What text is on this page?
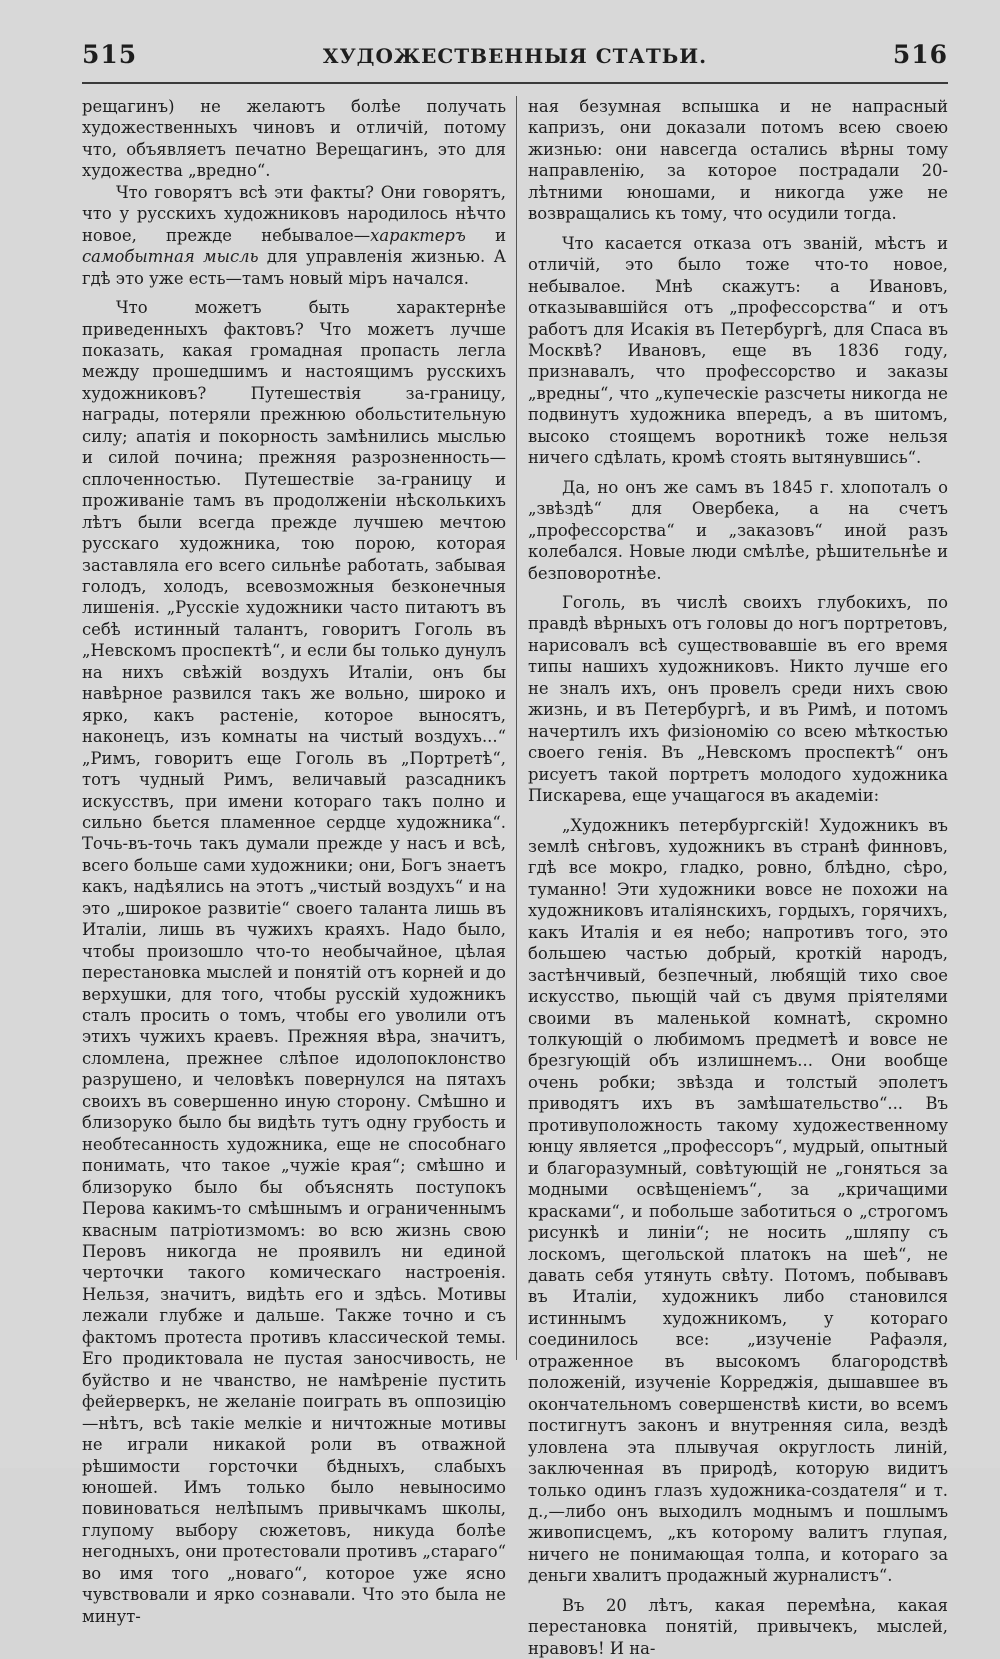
515	ХУДОЖЕСТВЕННЫЯ СТАТЬИ.	516

рещагинъ) не желаютъ болѣе получать художественныхъ чиновъ и отличій, потому что, объявляетъ печатно Верещагинъ, это для художества „вредно“.

Что говорятъ всѣ эти факты? Они говорятъ, что у русскихъ художниковъ народилось нѣчто новое, прежде небывалое—характеръ и самобытная мысль для управленія жизнью. А гдѣ это уже есть—тамъ новый міръ начался.

Что можетъ быть характернѣе приведенныхъ фактовъ? Что можетъ лучше показать, какая громадная пропасть легла между прошедшимъ и настоящимъ русскихъ художниковъ? Путешествія за-границу, награды, потеряли прежнюю обольстительную силу; апатія и покорность замѣнились мыслью и силой почина; прежняя разрозненность—сплоченностью. Путешествіе за-границу и проживаніе тамъ въ продолженіи нѣсколькихъ лѣтъ были всегда прежде лучшею мечтою русскаго художника, тою порою, которая заставляла его всего сильнѣе работать, забывая голодъ, холодъ, всевозможныя безконечныя лишенія. „Русскіе художники часто питаютъ въ себѣ истинный талантъ, говоритъ Гоголь въ „Невскомъ проспектѣ“, и если бы только дунулъ на нихъ свѣжій воздухъ Италіи, онъ бы навѣрное развился такъ же вольно, широко и ярко, какъ растеніе, которое выносятъ, наконецъ, изъ комнаты на чистый воздухъ...“ „Римъ, говоритъ еще Гоголь въ „Портретѣ“, тотъ чудный Римъ, величавый разсадникъ искусствъ, при имени котораго такъ полно и сильно бьется пламенное сердце художника“. Точь-въ-точь такъ думали прежде у насъ и всѣ, всего больше сами художники; они, Богъ знаетъ какъ, надѣялись на этотъ „чистый воздухъ“ и на это „широкое развитіе“ своего таланта лишь въ Италіи, лишь въ чужихъ краяхъ. Надо было, чтобы произошло что-то необычайное, цѣлая перестановка мыслей и понятій отъ корней и до верхушки, для того, чтобы русскій художникъ сталъ просить о томъ, чтобы его уволили отъ этихъ чужихъ краевъ. Прежняя вѣра, значитъ, сломлена, прежнее слѣпое идолопоклонство разрушено, и человѣкъ повернулся на пятахъ своихъ въ совершенно иную сторону. Смѣшно и близоруко было бы видѣть тутъ одну грубость и необтесанность художника, еще не способнаго понимать, что такое „чужіе края“; смѣшно и близоруко было бы объяснять поступокъ Перова какимъ-то смѣшнымъ и ограниченнымъ квасным патріотизмомъ: во всю жизнь свою Перовъ никогда не проявилъ ни единой черточки такого комическаго настроенія. Нельзя, значитъ, видѣть его и здѣсь. Мотивы лежали глубже и дальше. Также точно и съ фактомъ протеста противъ классической темы. Его продиктовала не пустая заносчивость, не буйство и не чванство, не намѣреніе пустить фейерверкъ, не желаніе поиграть въ оппозицію—нѣтъ, всѣ такіе мелкіе и ничтожные мотивы не играли никакой роли въ отважной рѣшимости горсточки бѣдныхъ, слабыхъ юношей. Имъ только было невыносимо повиноваться нелѣпымъ привычкамъ школы, глупому выбору сюжетовъ, никуда болѣе негодныхъ, они протестовали противъ „стараго“ во имя того „новаго“, которое уже ясно чувствовали и ярко сознавали. Что это была не минут-

ная безумная вспышка и не напрасный капризъ, они доказали потомъ всею своею жизнью: они навсегда остались вѣрны тому направленію, за которое пострадали 20-лѣтними юношами, и никогда уже не возвращались къ тому, что осудили тогда.

Что касается отказа отъ званій, мѣстъ и отличій, это было тоже что-то новое, небывалое. Мнѣ скажутъ: а Ивановъ, отказывавшійся отъ „профессорства“ и отъ работъ для Исакія въ Петербургѣ, для Спаса въ Москвѣ? Ивановъ, еще въ 1836 году, признавалъ, что профессорство и заказы „вредны“, что „купеческіе разсчеты никогда не подвинутъ художника впередъ, а въ шитомъ, высоко стоящемъ воротникѣ тоже нельзя ничего сдѣлать, кромѣ стоять вытянувшись“.

Да, но онъ же самъ въ 1845 г. хлопоталъ о „звѣздѣ“ для Овербека, а на счетъ „профессорства“ и „заказовъ“ иной разъ колебался. Новые люди смѣлѣе, рѣшительнѣе и безповоротнѣе.

Гоголь, въ числѣ своихъ глубокихъ, по правдѣ вѣрныхъ отъ головы до ногъ портретовъ, нарисовалъ всѣ существовавшіе въ его время типы нашихъ художниковъ. Никто лучше его не зналъ ихъ, онъ провелъ среди нихъ свою жизнь, и въ Петербургѣ, и въ Римѣ, и потомъ начертилъ ихъ физіономію со всею мѣткостью своего генія. Въ „Невскомъ проспектѣ“ онъ рисуетъ такой портретъ молодого художника Пискарева, еще учащагося въ академіи:

„Художникъ петербургскій! Художникъ въ землѣ снѣговъ, художникъ въ странѣ финновъ, гдѣ все мокро, гладко, ровно, блѣдно, сѣро, туманно! Эти художники вовсе не похожи на художниковъ италіянскихъ, гордыхъ, горячихъ, какъ Италія и ея небо; напротивъ того, это большею частью добрый, кроткій народъ, застѣнчивый, безпечный, любящій тихо свое искусство, пьющій чай съ двумя пріятелями своими въ маленькой комнатѣ, скромно толкующій о любимомъ предметѣ и вовсе не брезгующій объ излишнемъ... Они вообще очень робки; звѣзда и толстый эполетъ приводятъ ихъ въ замѣшательство“... Въ противуположность такому художественному юнцу является „профессоръ“, мудрый, опытный и благоразумный, совѣтующій не „гоняться за модными освѣщеніемъ“, за „кричащими красками“, и побольше заботиться о „строгомъ рисункѣ и линіи“; не носить „шляпу съ лоскомъ, щегольской платокъ на шеѣ“, не давать себя утянуть свѣту. Потомъ, побывавъ въ Италіи, художникъ либо становился истиннымъ художникомъ, у котораго соединилось все: „изученіе Рафаэля, отраженное въ высокомъ благородствѣ положеній, изученіе Корреджія, дышавшее въ окончательномъ совершенствѣ кисти, во всемъ постигнутъ законъ и внутренняя сила, вездѣ уловлена эта плывучая округлость линій, заключенная въ природѣ, которую видитъ только одинъ глазъ художника-создателя“ и т. д.,—либо онъ выходилъ моднымъ и пошлымъ живописцемъ, „къ которому валитъ глупая, ничего не понимающая толпа, и котораго за деньги хвалитъ продажный журналистъ“.

Въ 20 лѣтъ, какая перемѣна, какая перестановка понятій, привычекъ, мыслей, нравовъ! И на-
